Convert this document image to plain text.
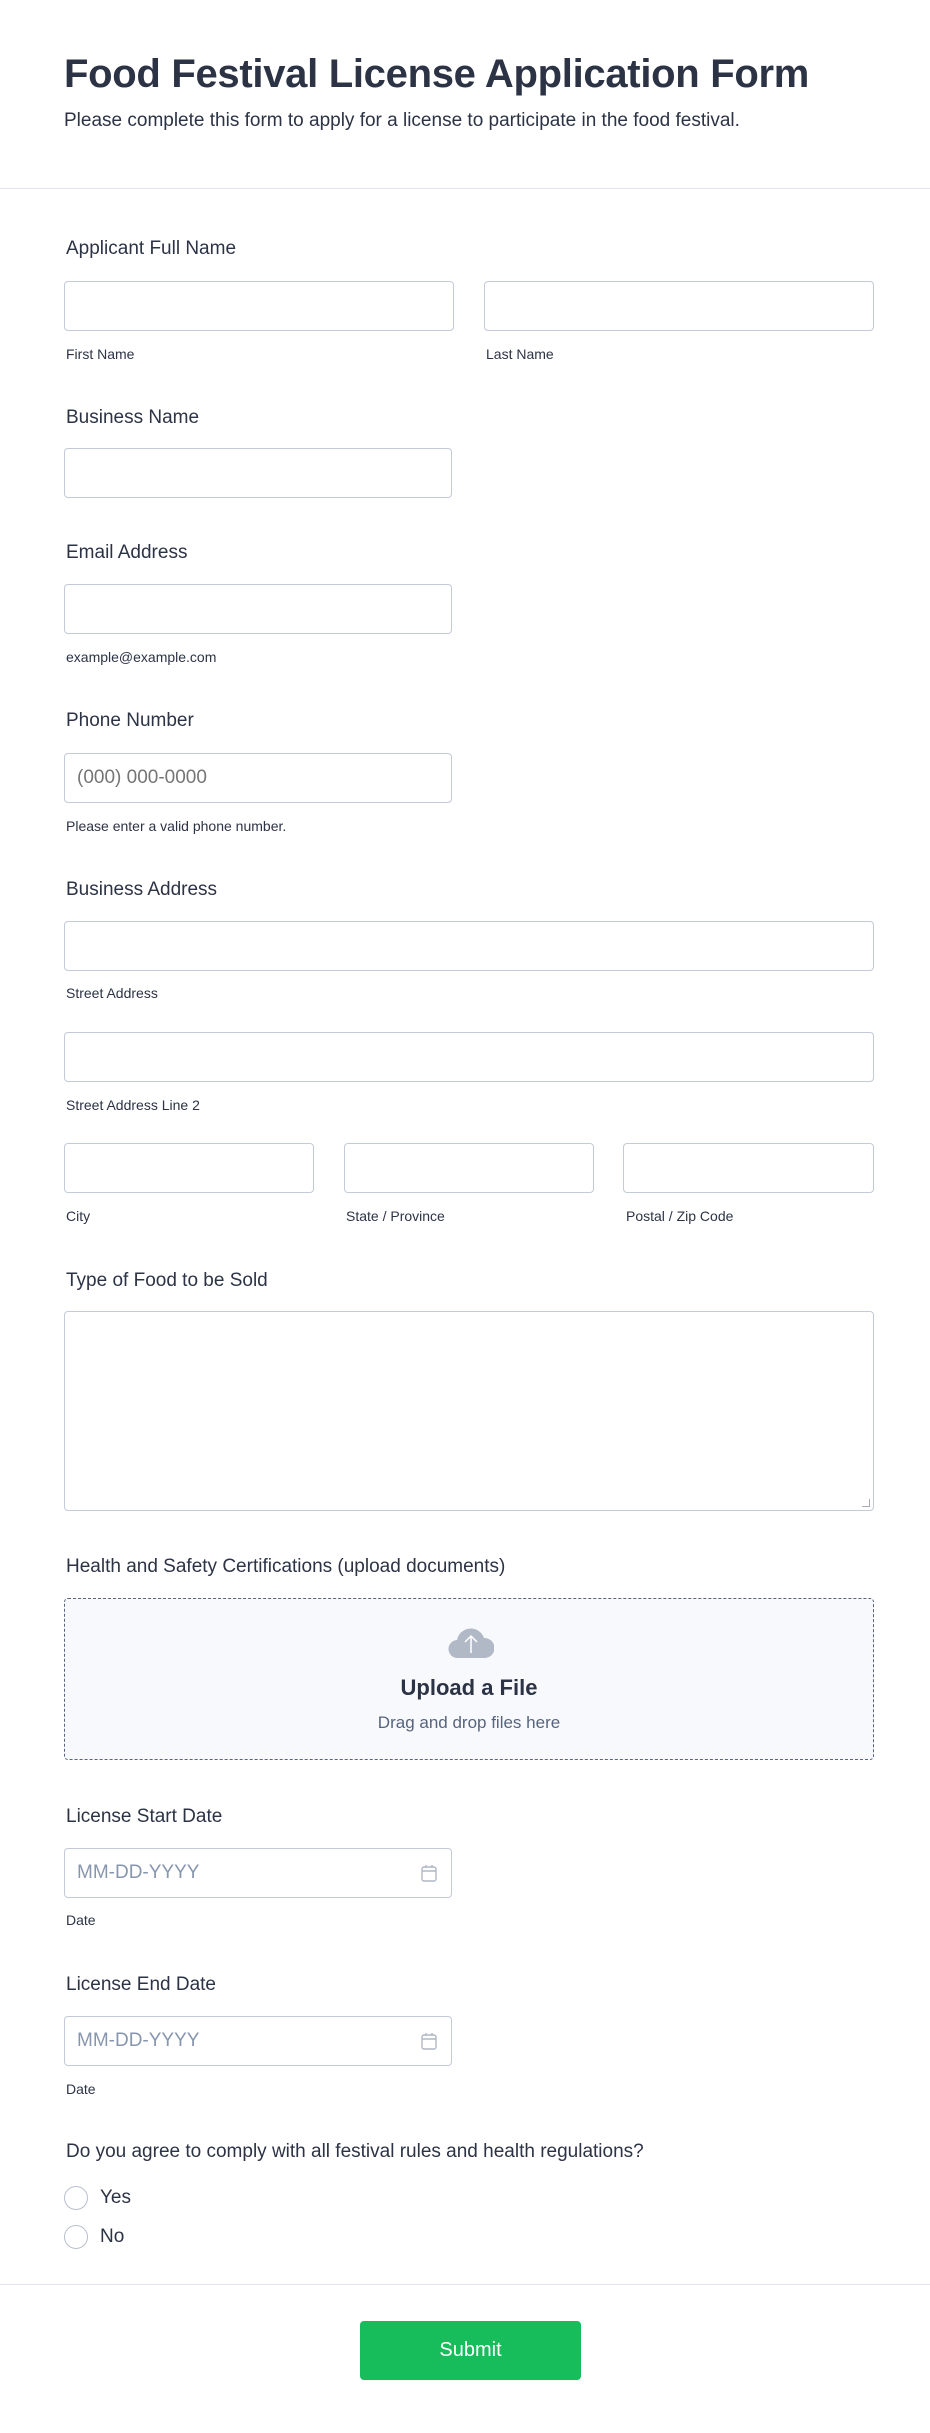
Food Festival License Application Form
Please complete this form to apply for a license to participate in the food festival.
Applicant Full Name
First Name	Last Name
Business Name
Email Address
example@example.com
Phone Number
(000) 000-0000
Please enter a valid phone number.
Business Address
Street Address
Street Address Line 2
City	State / Province	Postal / Zip Code
Type of Food to be Sold
Health and Safety Certifications (upload documents)
Upload a File
Drag and drop files here
License Start Date
MM-DD-YYYY
Date
License End Date
MM-DD-YYYY
Date
Do you agree to comply with all festival rules and health regulations?
Yes
No
Submit
